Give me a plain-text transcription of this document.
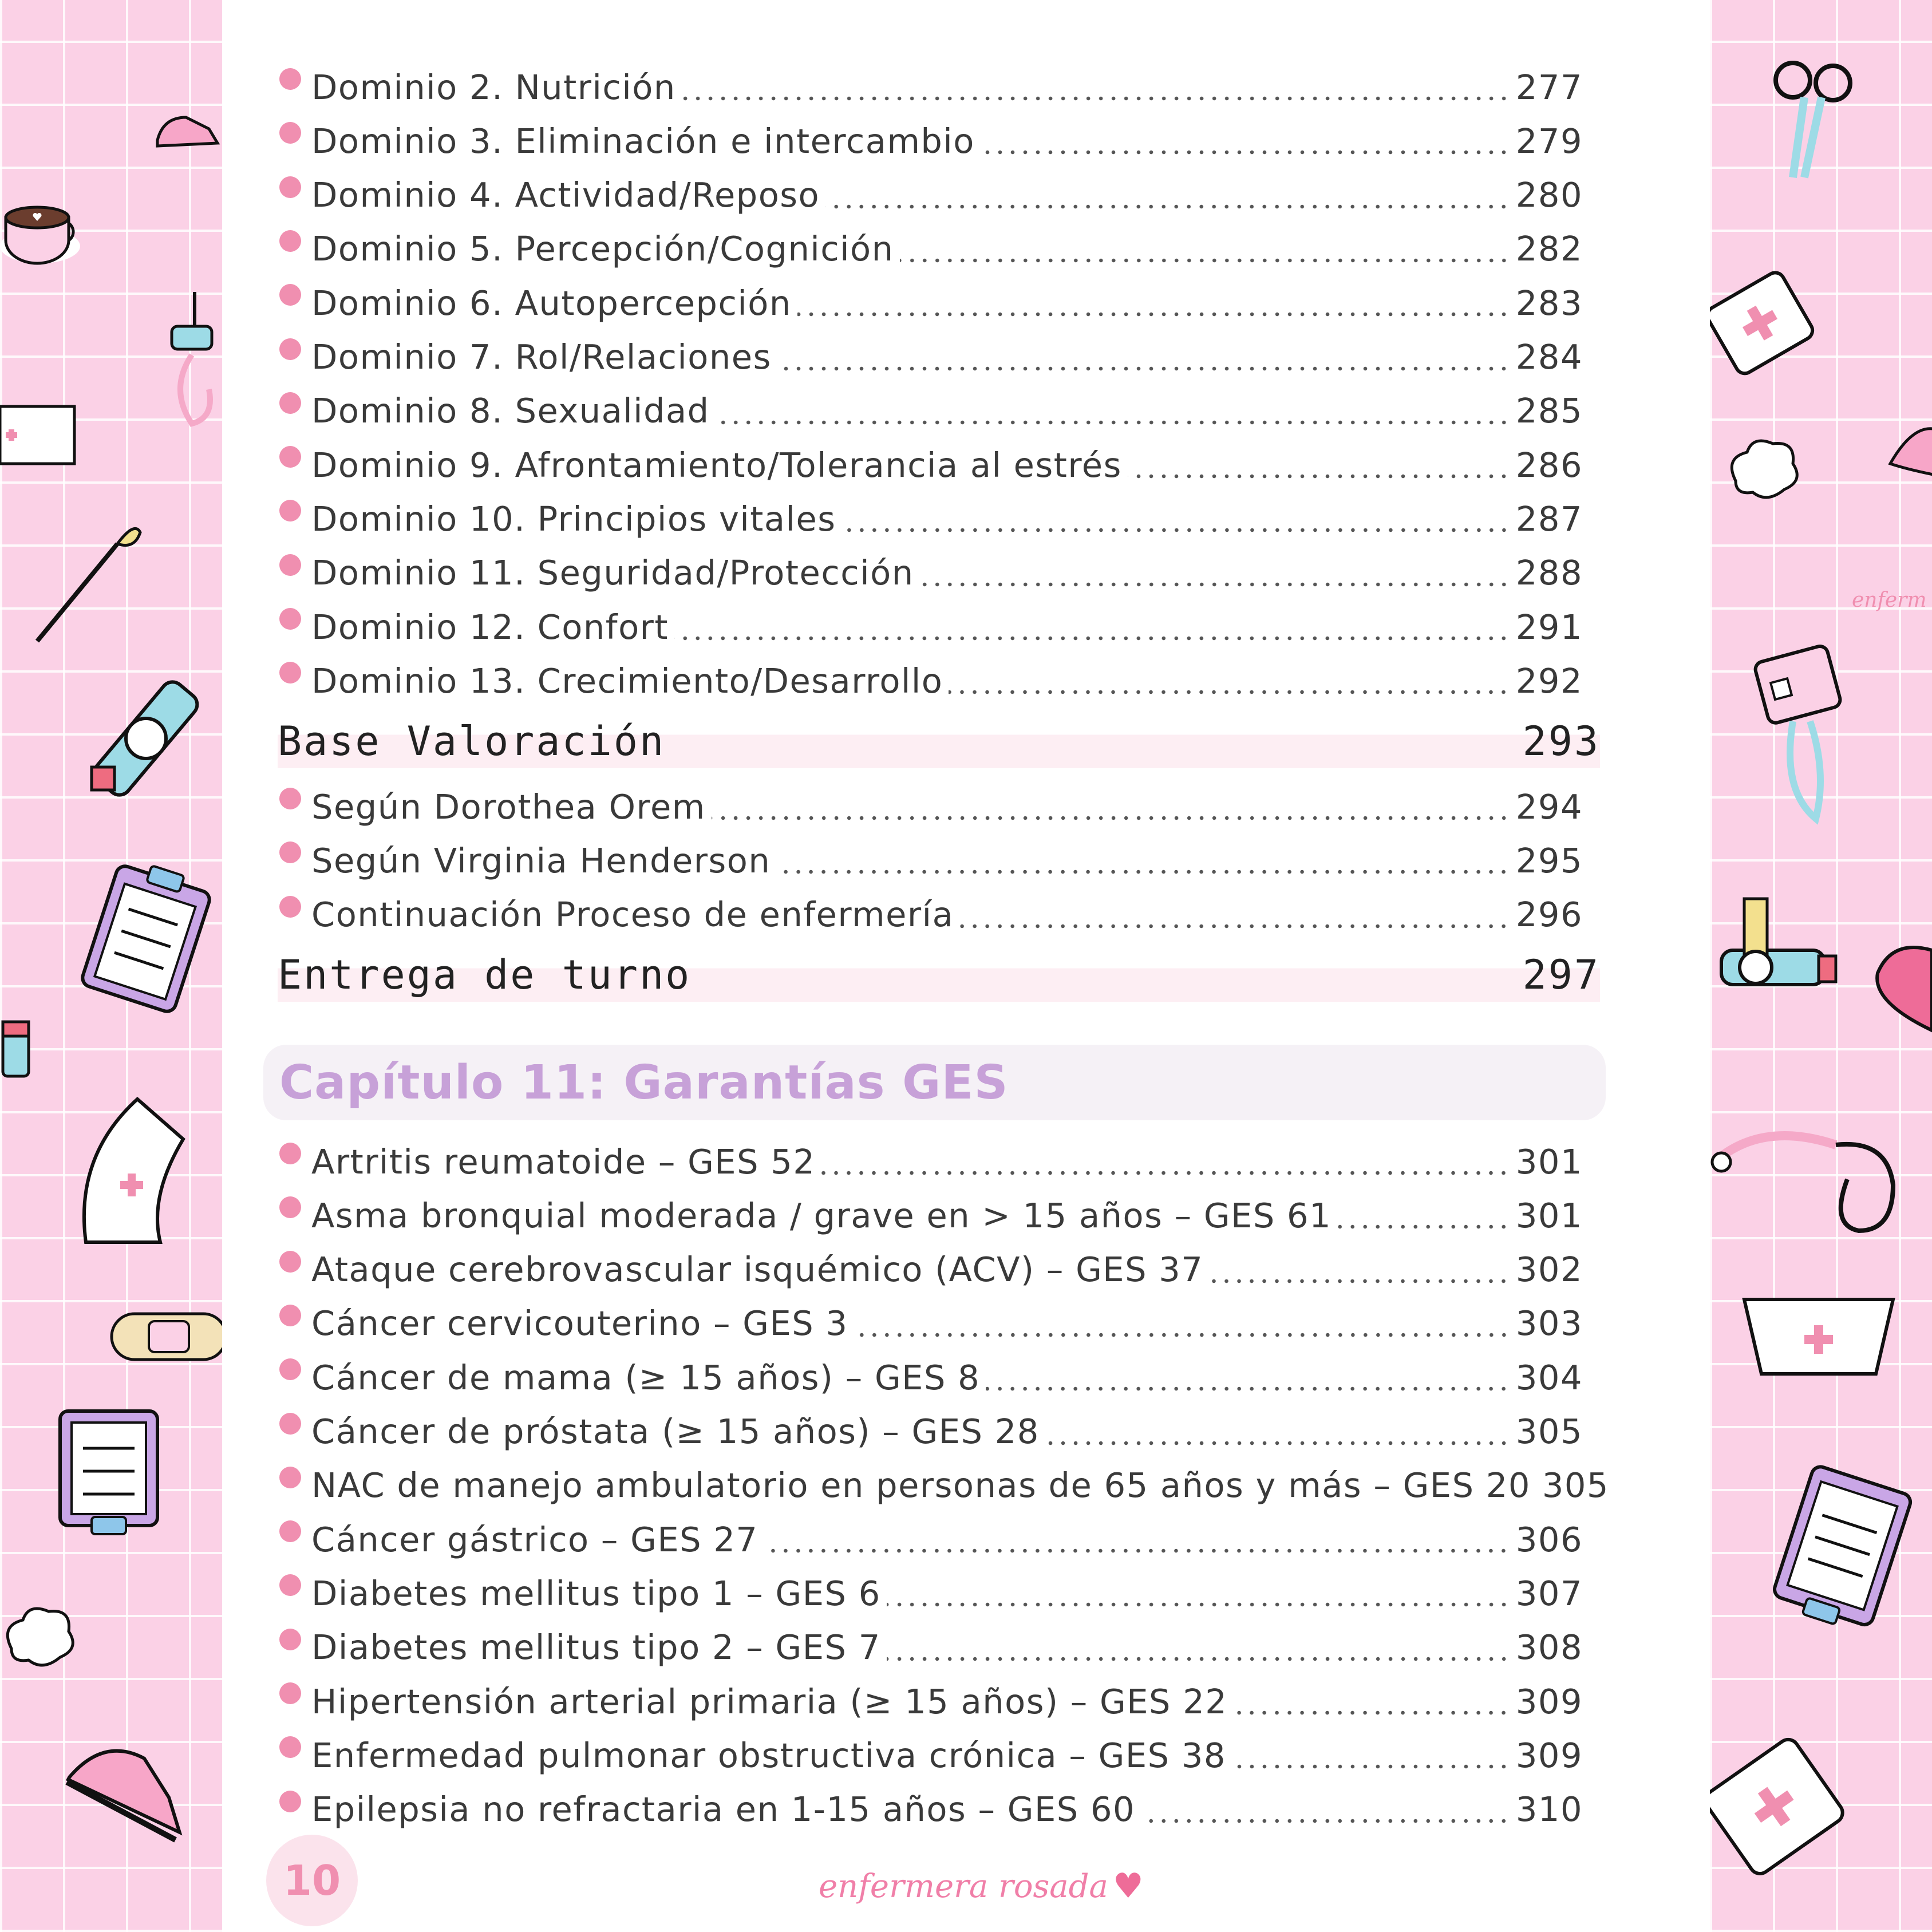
enferm
Dominio 2. Nutrición	277
Dominio 3. Eliminación e intercambio	279
Dominio 4. Actividad/Reposo	280
Dominio 5. Percepción/Cognición	282
Dominio 6. Autopercepción	283
Dominio 7. Rol/Relaciones	284
Dominio 8. Sexualidad	285
Dominio 9. Afrontamiento/Tolerancia al estrés	286
Dominio 10. Principios vitales	287
Dominio 11. Seguridad/Protección	288
Dominio 12. Confort	291
Dominio 13. Crecimiento/Desarrollo	292
Base Valoración	293
Según Dorothea Orem	294
Según Virginia Henderson	295
Continuación Proceso de enfermería	296
Entrega de turno	297
Capítulo 11: Garantías GES
Artritis reumatoide – GES 52	301
Asma bronquial moderada / grave en > 15 años – GES 61	301
Ataque cerebrovascular isquémico (ACV) – GES 37	302
Cáncer cervicouterino – GES 3	303
Cáncer de mama (≥ 15 años) – GES 8	304
Cáncer de próstata (≥ 15 años) – GES 28	305
NAC de manejo ambulatorio en personas de 65 años y más – GES 20 305
Cáncer gástrico – GES 27	306
Diabetes mellitus tipo 1 – GES 6	307
Diabetes mellitus tipo 2 – GES 7	308
Hipertensión arterial primaria (≥ 15 años) – GES 22	309
Enfermedad pulmonar obstructiva crónica – GES 38	309
Epilepsia no refractaria en 1-15 años – GES 60	310
10	enfermera rosada ♥
